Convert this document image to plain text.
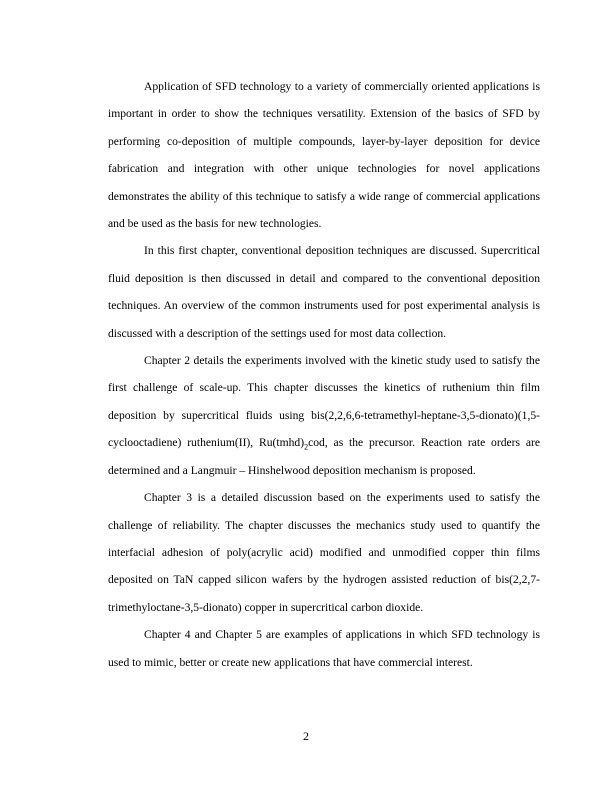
Application of SFD technology to a variety of commercially oriented applications is important in order to show the techniques versatility. Extension of the basics of SFD by performing co-deposition of multiple compounds, layer-by-layer deposition for device fabrication and integration with other unique technologies for novel applications demonstrates the ability of this technique to satisfy a wide range of commercial applications and be used as the basis for new technologies.

In this first chapter, conventional deposition techniques are discussed. Supercritical fluid deposition is then discussed in detail and compared to the conventional deposition techniques. An overview of the common instruments used for post experimental analysis is discussed with a description of the settings used for most data collection.

Chapter 2 details the experiments involved with the kinetic study used to satisfy the first challenge of scale-up. This chapter discusses the kinetics of ruthenium thin film deposition by supercritical fluids using bis(2,2,6,6-tetramethyl-heptane-3,5-dionato)(1,5-cyclooctadiene) ruthenium(II), $Ru(tmhd)_2cod$, as the precursor. Reaction rate orders are determined and a Langmuir – Hinshelwood deposition mechanism is proposed.

Chapter 3 is a detailed discussion based on the experiments used to satisfy the challenge of reliability. The chapter discusses the mechanics study used to quantify the interfacial adhesion of poly(acrylic acid) modified and unmodified copper thin films deposited on TaN capped silicon wafers by the hydrogen assisted reduction of bis(2,2,7-trimethyloctane-3,5-dionato) copper in supercritical carbon dioxide.

Chapter 4 and Chapter 5 are examples of applications in which SFD technology is used to mimic, better or create new applications that have commercial interest.

2
